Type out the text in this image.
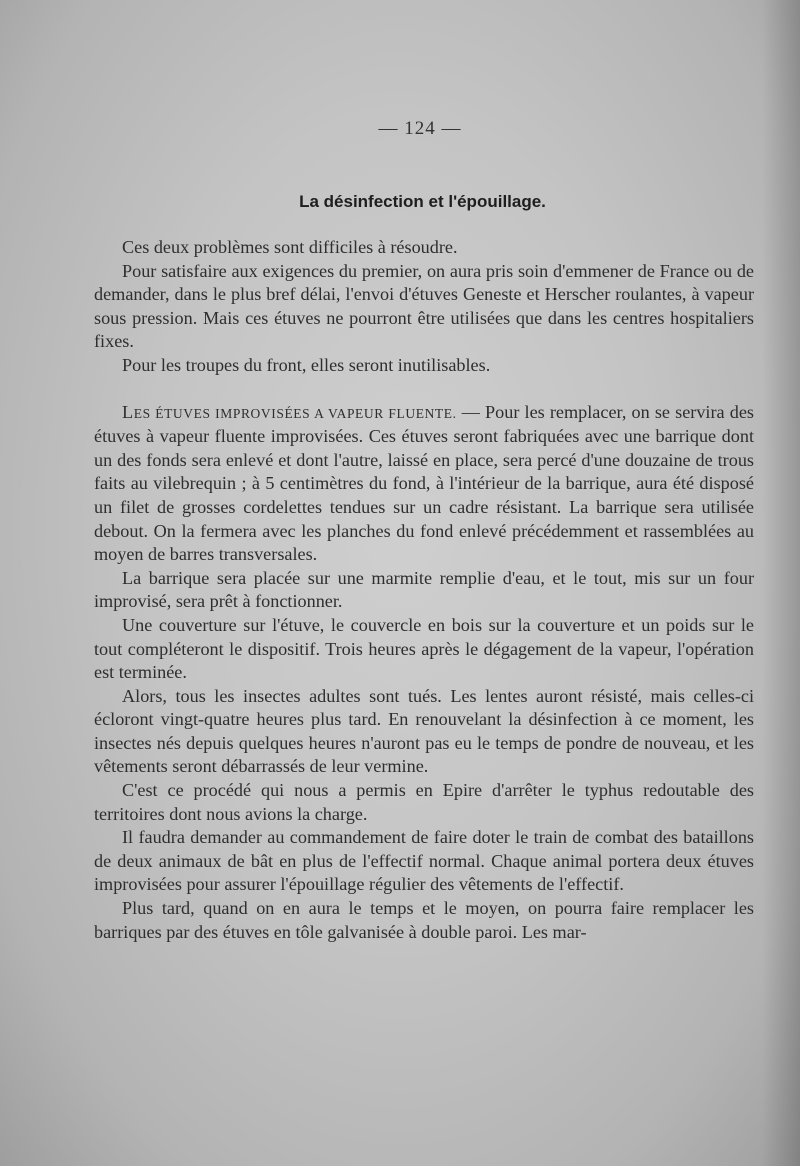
— 124 —
La désinfection et l'épouillage.

Ces deux problèmes sont difficiles à résoudre.

Pour satisfaire aux exigences du premier, on aura pris soin d'emmener de France ou de demander, dans le plus bref délai, l'envoi d'étuves Geneste et Herscher roulantes, à vapeur sous pression. Mais ces étuves ne pourront être utilisées que dans les centres hospitaliers fixes.

Pour les troupes du front, elles seront inutilisables.

LES ÉTUVES IMPROVISÉES A VAPEUR FLUENTE. — Pour les remplacer, on se servira des étuves à vapeur fluente improvisées. Ces étuves seront fabriquées avec une barrique dont un des fonds sera enlevé et dont l'autre, laissé en place, sera percé d'une douzaine de trous faits au vilebrequin ; à 5 centimètres du fond, à l'intérieur de la barrique, aura été disposé un filet de grosses cordelettes tendues sur un cadre résistant. La barrique sera utilisée debout. On la fermera avec les planches du fond enlevé précédemment et rassemblées au moyen de barres transversales.

La barrique sera placée sur une marmite remplie d'eau, et le tout, mis sur un four improvisé, sera prêt à fonctionner.

Une couverture sur l'étuve, le couvercle en bois sur la couverture et un poids sur le tout compléteront le dispositif. Trois heures après le dégagement de la vapeur, l'opération est terminée.

Alors, tous les insectes adultes sont tués. Les lentes auront résisté, mais celles-ci écloront vingt-quatre heures plus tard. En renouvelant la désinfection à ce moment, les insectes nés depuis quelques heures n'auront pas eu le temps de pondre de nouveau, et les vêtements seront débarrassés de leur vermine.

C'est ce procédé qui nous a permis en Epire d'arrêter le typhus redoutable des territoires dont nous avions la charge.

Il faudra demander au commandement de faire doter le train de combat des bataillons de deux animaux de bât en plus de l'effectif normal. Chaque animal portera deux étuves improvisées pour assurer l'épouillage régulier des vêtements de l'effectif.

Plus tard, quand on en aura le temps et le moyen, on pourra faire remplacer les barriques par des étuves en tôle galvanisée à double paroi. Les mar-
